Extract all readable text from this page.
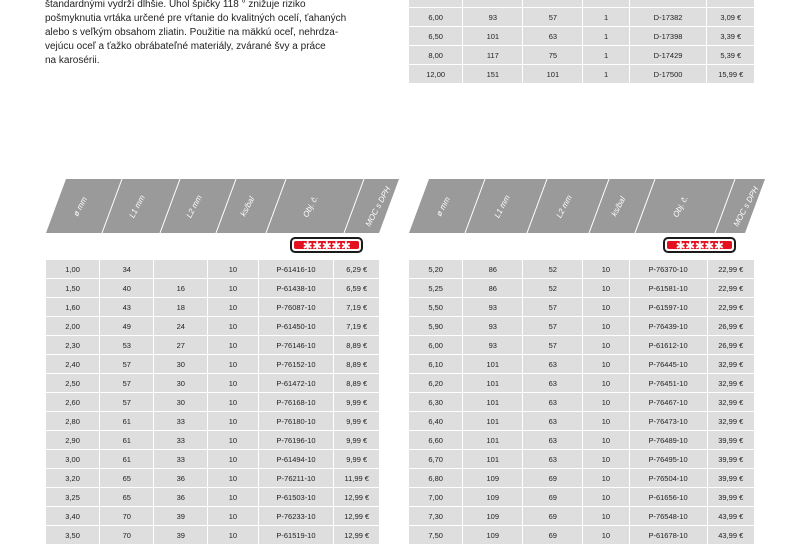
štandardnými vydrží dlhšie. Uhol špičky 118 ° znižuje riziko
pošmyknutia vrtáka určené pre vŕtanie do kvalitných ocelí, ťahaných
alebo s veľkým obsahom zliatin. Použitie na mäkkú oceľ, nehrdza-
vejúcu oceľ a ťažko obrábateľné materiály, zvárané švy a práce
na karosérii.

6,00	93	57	1	D-17382	3,09 €
6,50	101	63	1	D-17398	3,39 €
8,00	117	75	1	D-17429	5,39 €
12,00	151	101	1	D-17500	15,99 €
ø mm	L1 mm	L2 mm	ks/bal	Obj. č.	MOC s DPH	ø mm	L1 mm	L2 mm	ks/bal	Obj. č.	MOC s DPH
✱✱✱✱✱	✱✱✱✱✱
1,00	34		10	P-61416-10	6,29 €
1,50	40	16	10	P-61438-10	6,59 €
1,60	43	18	10	P-76087-10	7,19 €
2,00	49	24	10	P-61450-10	7,19 €
2,30	53	27	10	P-76146-10	8,89 €
2,40	57	30	10	P-76152-10	8,89 €
2,50	57	30	10	P-61472-10	8,89 €
2,60	57	30	10	P-76168-10	9,99 €
2,80	61	33	10	P-76180-10	9,99 €
2,90	61	33	10	P-76196-10	9,99 €
3,00	61	33	10	P-61494-10	9,99 €
3,20	65	36	10	P-76211-10	11,99 €
3,25	65	36	10	P-61503-10	12,99 €
3,40	70	39	10	P-76233-10	12,99 €
3,50	70	39	10	P-61519-10	12,99 €
5,20	86	52	10	P-76370-10	22,99 €
5,25	86	52	10	P-61581-10	22,99 €
5,50	93	57	10	P-61597-10	22,99 €
5,90	93	57	10	P-76439-10	26,99 €
6,00	93	57	10	P-61612-10	26,99 €
6,10	101	63	10	P-76445-10	32,99 €
6,20	101	63	10	P-76451-10	32,99 €
6,30	101	63	10	P-76467-10	32,99 €
6,40	101	63	10	P-76473-10	32,99 €
6,60	101	63	10	P-76489-10	39,99 €
6,70	101	63	10	P-76495-10	39,99 €
6,80	109	69	10	P-76504-10	39,99 €
7,00	109	69	10	P-61656-10	39,99 €
7,30	109	69	10	P-76548-10	43,99 €
7,50	109	69	10	P-61678-10	43,99 €
